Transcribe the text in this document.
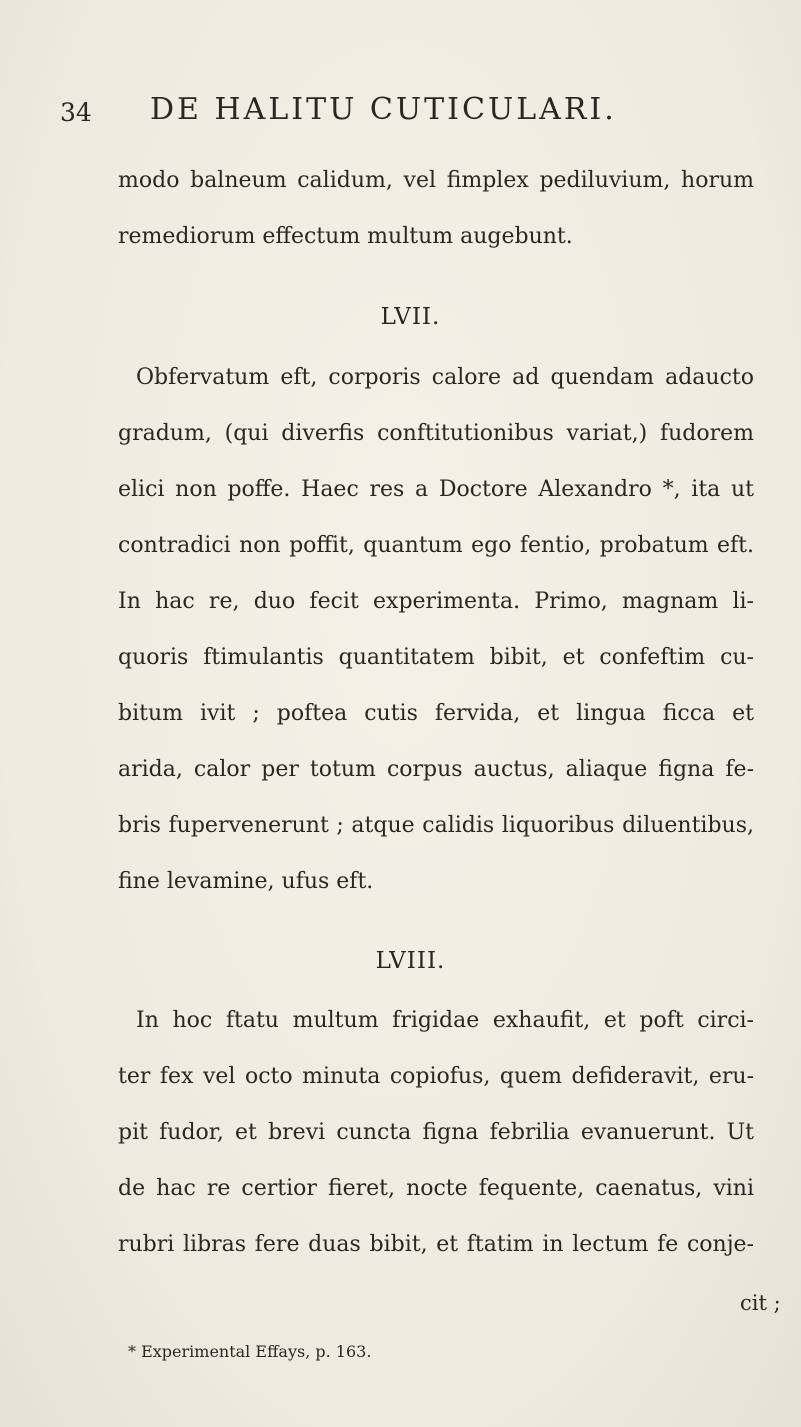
34 DE HALITU CUTICULARI.
modo balneum calidum, vel fimplex pediluvium, horum
remediorum effectum multum augebunt.
LVII.
Obfervatum eft, corporis calore ad quendam adaucto
gradum, (qui diverfis conftitutionibus variat,) fudorem
elici non poffe. Haec res a Doctore Alexandro *, ita ut
contradici non poffit, quantum ego fentio, probatum eft.
In hac re, duo fecit experimenta. Primo, magnam li-
quoris ftimulantis quantitatem bibit, et confeftim cu-
bitum ivit ; poftea cutis fervida, et lingua ficca et
arida, calor per totum corpus auctus, aliaque figna fe-
bris fupervenerunt ; atque calidis liquoribus diluentibus,
fine levamine, ufus eft.
LVIII.
In hoc ftatu multum frigidae exhaufit, et poft circi-
ter fex vel octo minuta copiofus, quem defideravit, eru-
pit fudor, et brevi cuncta figna febrilia evanuerunt. Ut
de hac re certior fieret, nocte fequente, caenatus, vini
rubri libras fere duas bibit, et ftatim in lectum fe conje-
cit ;
* Experimental Effays, p. 163.
